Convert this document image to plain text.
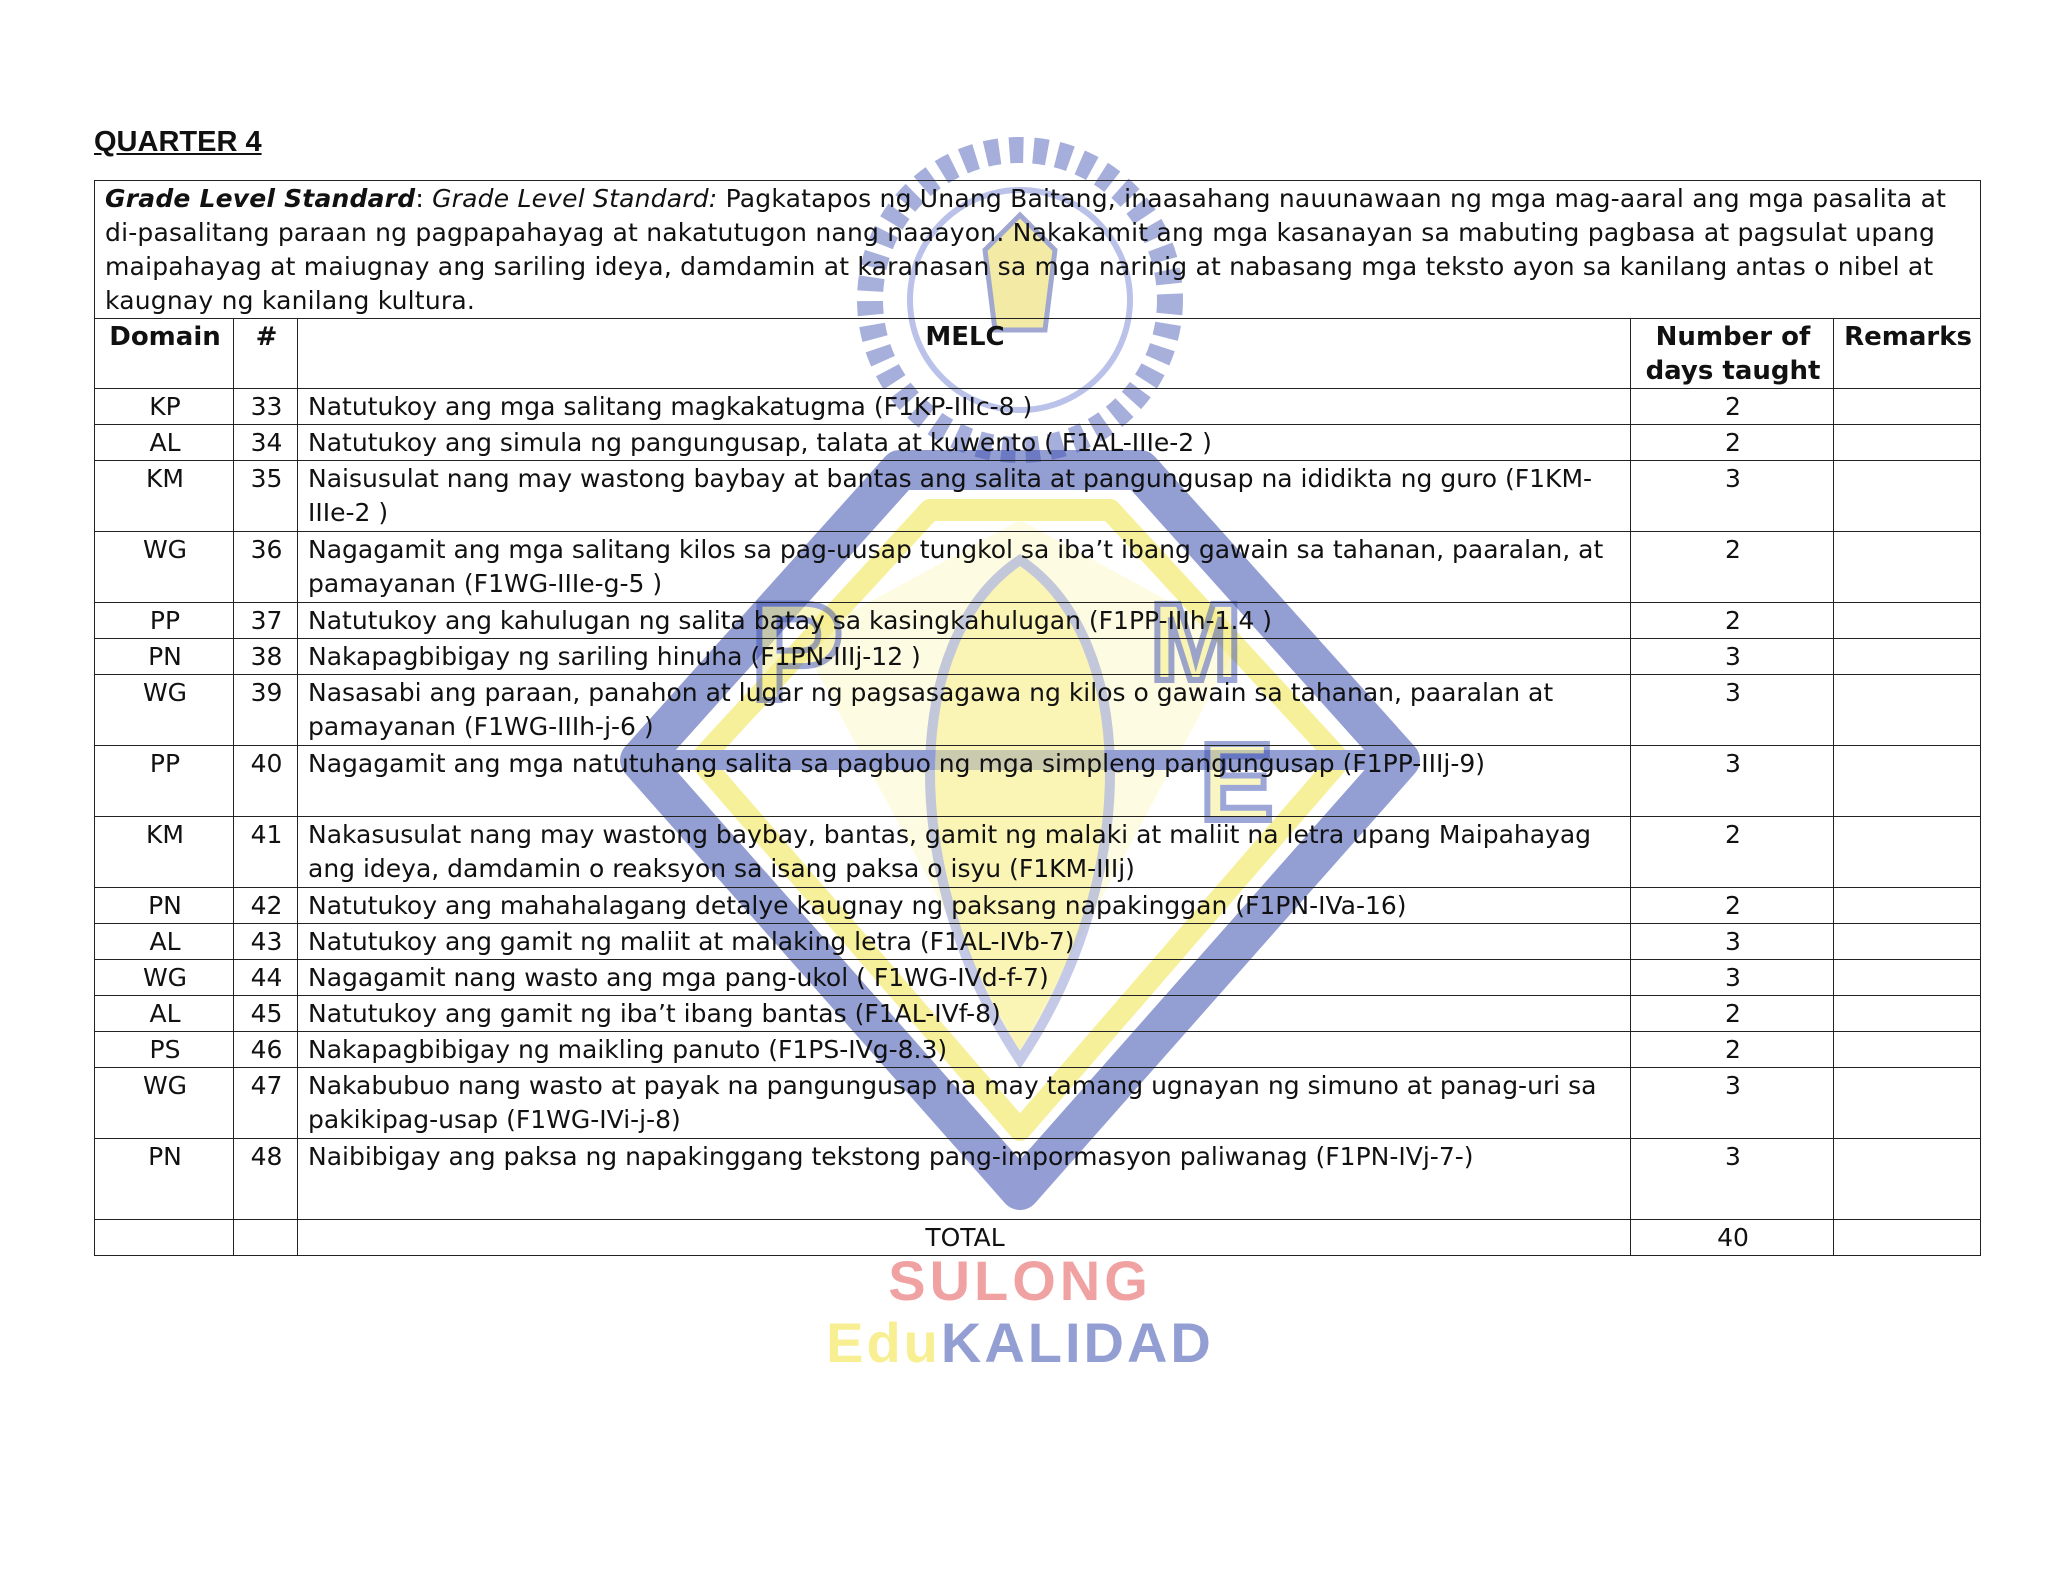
P	M
E
SULONG
EduKALIDAD
QUARTER 4
Grade Level Standard: Grade Level Standard: Pagkatapos ng Unang Baitang, inaasahang nauunawaan ng mga mag-aaral ang mga pasalita at di-pasalitang paraan ng pagpapahayag at nakatutugon nang naaayon. Nakakamit ang mga kasanayan sa mabuting pagbasa at pagsulat upang maipahayag at maiugnay ang sariling ideya, damdamin at karanasan sa mga narinig at nabasang mga teksto ayon sa kanilang antas o nibel at kaugnay ng kanilang kultura.				
Domain	#	MELC	Number of days taught	Remarks
KP	33	Natutukoy ang mga salitang magkakatugma (F1KP-IIIc-8 )	2	
AL	34	Natutukoy ang simula ng pangungusap, talata at kuwento ( F1AL-IIIe-2 )	2	
KM	35	Naisusulat nang may wastong baybay at bantas ang salita at pangungusap na ididikta ng guro (F1KM-IIIe-2 )	3	
WG	36	Nagagamit ang mga salitang kilos sa pag-uusap tungkol sa iba’t ibang gawain sa tahanan, paaralan, at pamayanan (F1WG-IIIe-g-5 )	2	
PP	37	Natutukoy ang kahulugan ng salita batay sa kasingkahulugan (F1PP-IIIh-1.4 )	2	
PN	38	Nakapagbibigay ng sariling hinuha (F1PN-IIIj-12 )	3	
WG	39	Nasasabi ang paraan, panahon at lugar ng pagsasagawa ng kilos o gawain sa tahanan, paaralan at pamayanan (F1WG-IIIh-j-6 )	3	
PP	40	Nagagamit ang mga natutuhang salita sa pagbuo ng mga simpleng pangungusap (F1PP-IIIj-9)	3	
KM	41	Nakasusulat nang may wastong baybay, bantas, gamit ng malaki at maliit na letra upang Maipahayag ang ideya, damdamin o reaksyon sa isang paksa o isyu (F1KM-IIIj)	2	
PN	42	Natutukoy ang mahahalagang detalye kaugnay ng paksang napakinggan (F1PN-IVa-16)	2	
AL	43	Natutukoy ang gamit ng maliit at malaking letra (F1AL-IVb-7)	3	
WG	44	Nagagamit nang wasto ang mga pang-ukol ( F1WG-IVd-f-7)	3	
AL	45	Natutukoy ang gamit ng iba’t ibang bantas (F1AL-IVf-8)	2	
PS	46	Nakapagbibigay ng maikling panuto (F1PS-IVg-8.3)	2	
WG	47	Nakabubuo nang wasto at payak na pangungusap na may tamang ugnayan ng simuno at panag-uri sa pakikipag-usap (F1WG-IVi-j-8)	3	
PN	48	Naibibigay ang paksa ng napakinggang tekstong pang-impormasyon paliwanag (F1PN-IVj-7-)	3	
		TOTAL	40	
